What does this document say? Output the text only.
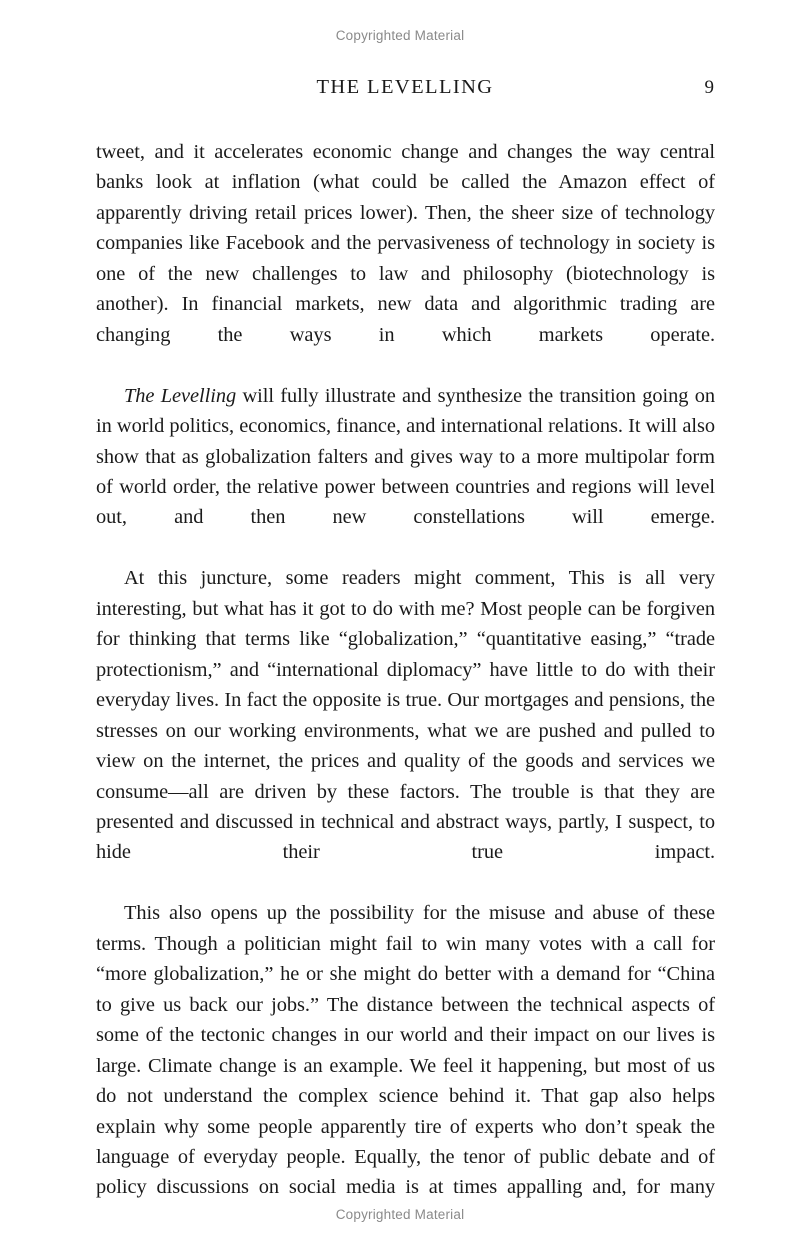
Copyrighted Material
THE LEVELLING	9

tweet, and it accelerates economic change and changes the way central banks look at inflation (what could be called the Amazon effect of apparently driving retail prices lower). Then, the sheer size of technology companies like Facebook and the pervasiveness of technology in society is one of the new challenges to law and philosophy (biotechnology is another). In financial markets, new data and algorithmic trading are changing the ways in which markets operate.

The Levelling will fully illustrate and synthesize the transition going on in world politics, economics, finance, and international relations. It will also show that as globalization falters and gives way to a more multipolar form of world order, the relative power between countries and regions will level out, and then new constellations will emerge.

At this juncture, some readers might comment, This is all very interesting, but what has it got to do with me? Most people can be forgiven for thinking that terms like “globalization,” “quantitative easing,” “trade protectionism,” and “international diplomacy” have little to do with their everyday lives. In fact the opposite is true. Our mortgages and pensions, the stresses on our working environments, what we are pushed and pulled to view on the internet, the prices and quality of the goods and services we consume—all are driven by these factors. The trouble is that they are presented and discussed in technical and abstract ways, partly, I suspect, to hide their true impact.

This also opens up the possibility for the misuse and abuse of these terms. Though a politician might fail to win many votes with a call for “more globalization,” he or she might do better with a demand for “China to give us back our jobs.” The distance between the technical aspects of some of the tectonic changes in our world and their impact on our lives is large. Climate change is an example. We feel it happening, but most of us do not understand the complex science behind it. That gap also helps explain why some people apparently tire of experts who don’t speak the language of everyday people. Equally, the tenor of public debate and of policy discussions on social media is at times appalling and, for many

Copyrighted Material
